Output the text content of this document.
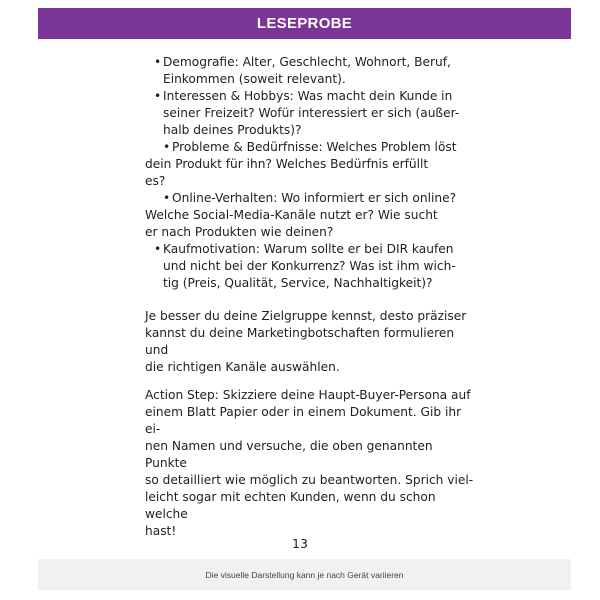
LESEPROBE

• Demografie: Alter, Geschlecht, Wohnort, Beruf,
Einkommen (soweit relevant).

• Interessen & Hobbys: Was macht dein Kunde in
seiner Freizeit? Wofür interessiert er sich (außer-
halb deines Produkts)?

• Probleme & Bedürfnisse: Welches Problem löst
dein Produkt für ihn? Welches Bedürfnis erfüllt
es?

• Online-Verhalten: Wo informiert er sich online?
Welche Social-Media-Kanäle nutzt er? Wie sucht
er nach Produkten wie deinen?

• Kaufmotivation: Warum sollte er bei DIR kaufen
und nicht bei der Konkurrenz? Was ist ihm wich-
tig (Preis, Qualität, Service, Nachhaltigkeit)?

Je besser du deine Zielgruppe kennst, desto präziser
kannst du deine Marketingbotschaften formulieren und
die richtigen Kanäle auswählen.

Action Step: Skizziere deine Haupt-Buyer-Persona auf
einem Blatt Papier oder in einem Dokument. Gib ihr ei-
nen Namen und versuche, die oben genannten Punkte
so detailliert wie möglich zu beantworten. Sprich viel-
leicht sogar mit echten Kunden, wenn du schon welche
hast!

13
Die visuelle Darstellung kann je nach Gerät variieren
